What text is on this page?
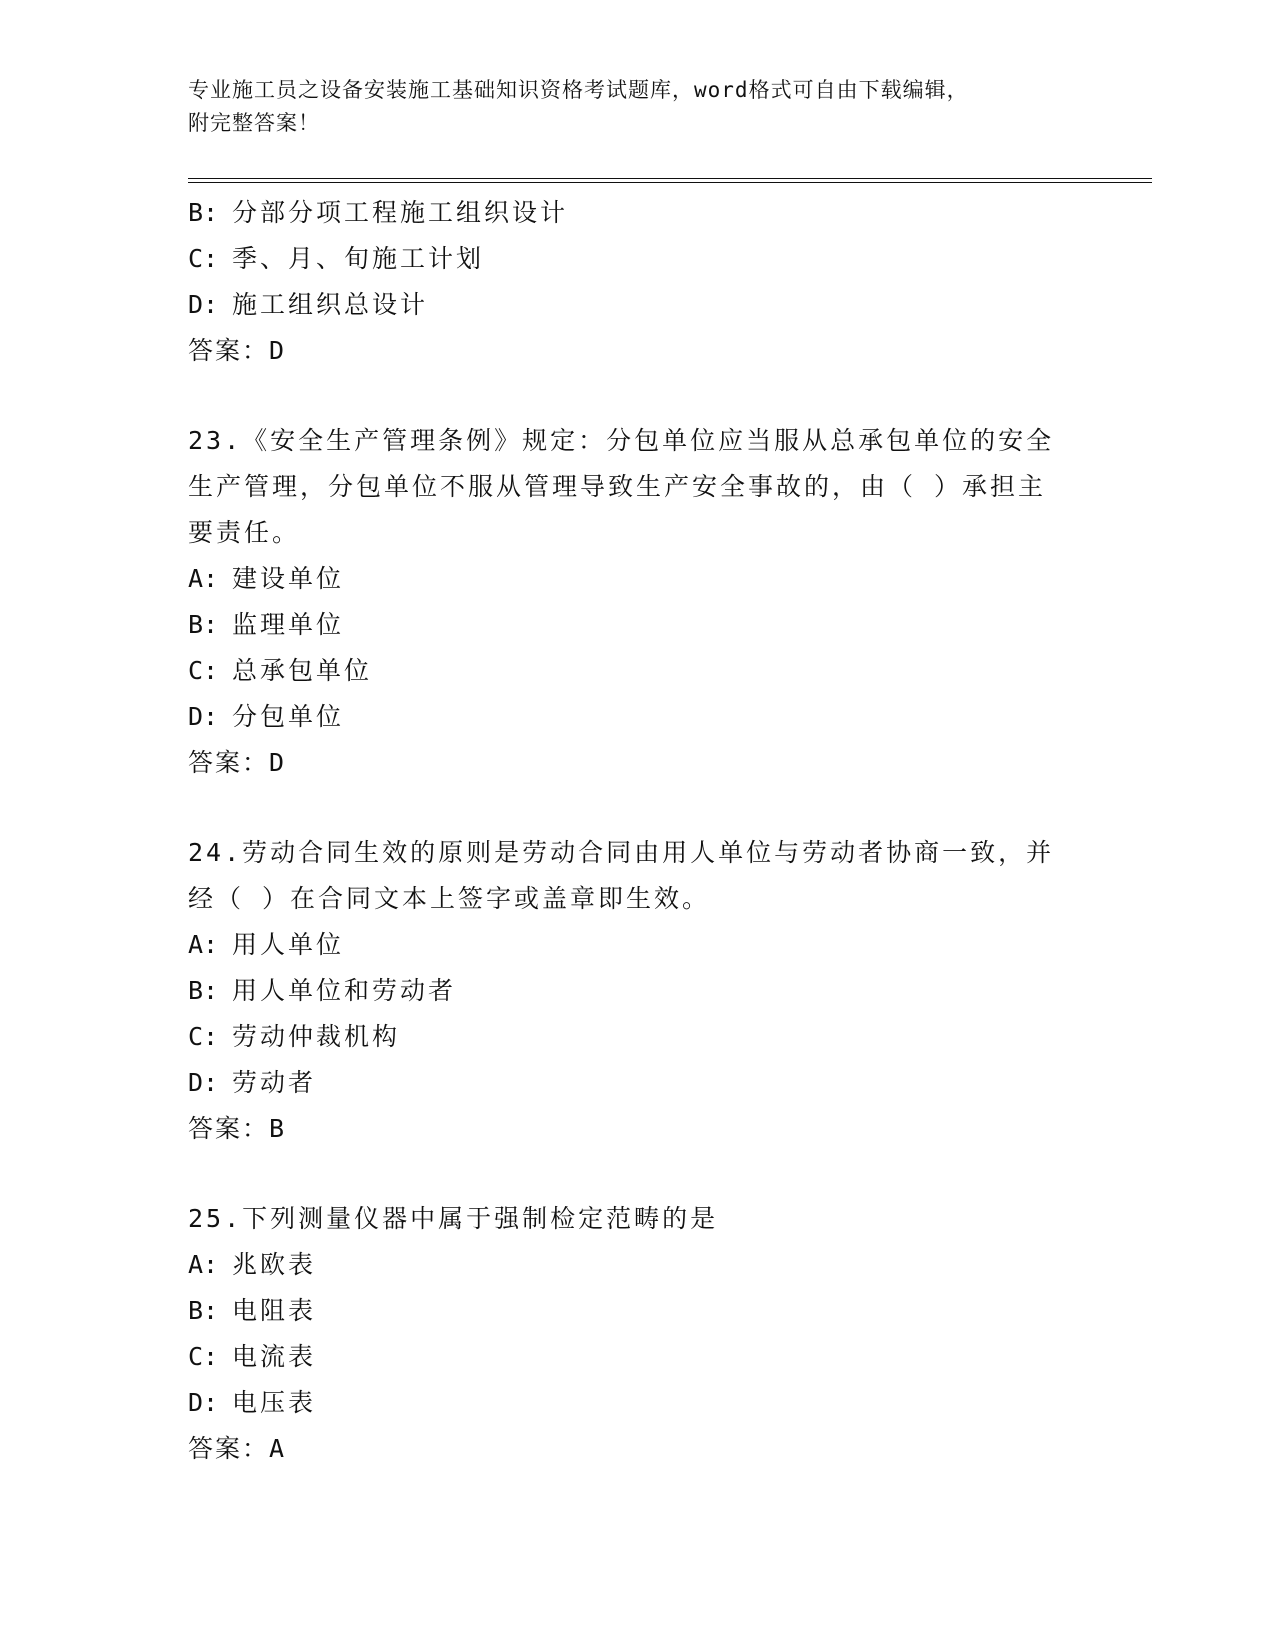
专业施工员之设备安装施工基础知识资格考试题库，word格式可自由下载编辑，
附完整答案！
B: 分部分项工程施工组织设计
C: 季、月、旬施工计划
D: 施工组织总设计
答案：D
23.《安全生产管理条例》规定：分包单位应当服从总承包单位的安全
生产管理，分包单位不服从管理导致生产安全事故的，由（ ）承担主
要责任。
A: 建设单位
B: 监理单位
C: 总承包单位
D: 分包单位
答案：D
24.劳动合同生效的原则是劳动合同由用人单位与劳动者协商一致，并
经（ ）在合同文本上签字或盖章即生效。
A: 用人单位
B: 用人单位和劳动者
C: 劳动仲裁机构
D: 劳动者
答案：B
25.下列测量仪器中属于强制检定范畴的是
A: 兆欧表
B: 电阻表
C: 电流表
D: 电压表
答案：A
